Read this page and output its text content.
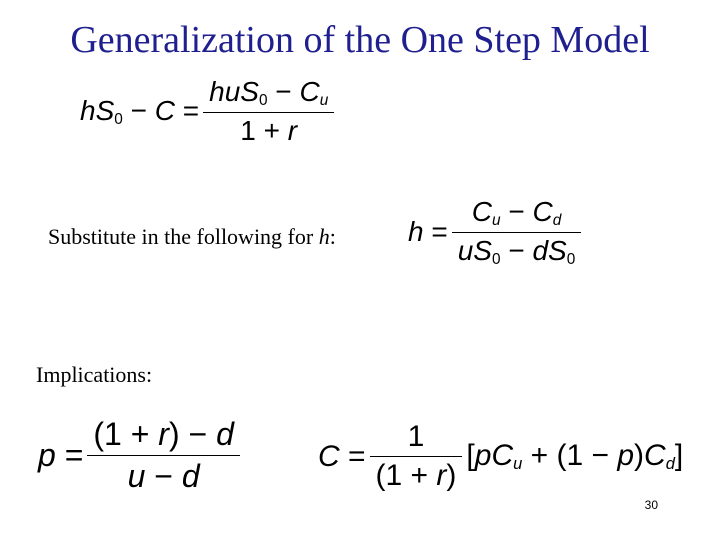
Generalization of the One Step Model
$hS_0 - C = \frac{huS_0 - C_u}{1 + r}$
Substitute in the following for h:	$h = \frac{C_u - C_d}{uS_0 - dS_0}$
Implications:
$p = \frac{(1 + r) - d}{u - d}$	$C = \frac{1}{(1 + r)} [pC_u + (1 - p)C_d]$
30
